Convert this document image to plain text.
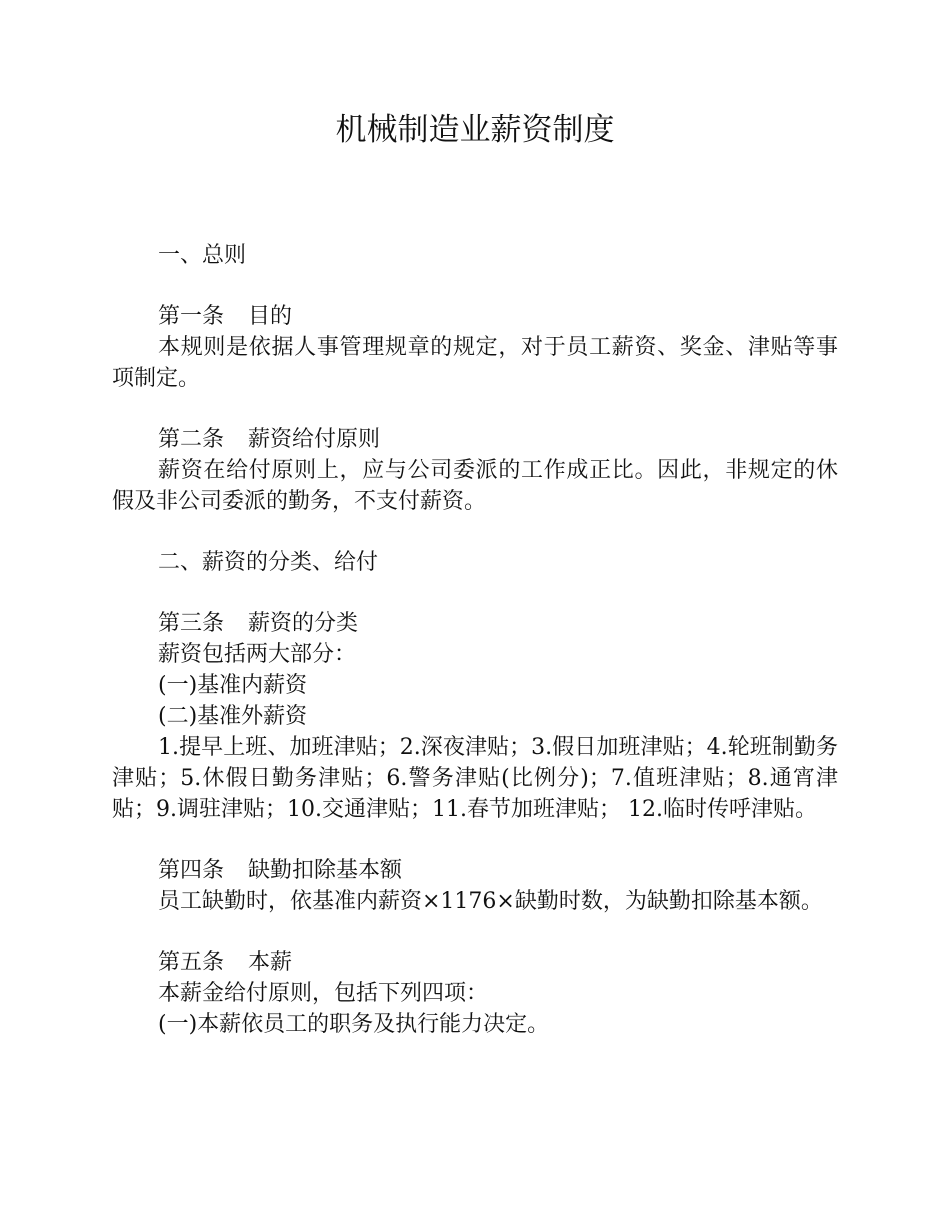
机械制造业薪资制度
一、总则
第一条 目的

本规则是依据人事管理规章的规定，对于员工薪资、奖金、津贴等事项制定。

第二条 薪资给付原则

薪资在给付原则上，应与公司委派的工作成正比。因此，非规定的休假及非公司委派的勤务，不支付薪资。

二、薪资的分类、给付
第三条 薪资的分类
薪资包括两大部分：
(一)基准内薪资
(二)基准外薪资

1.提早上班、加班津贴；2.深夜津贴；3.假日加班津贴；4.轮班制勤务津贴；5.休假日勤务津贴；6.警务津贴(比例分)；7.值班津贴；8.通宵津贴；9.调驻津贴；10.交通津贴；11.春节加班津贴； 12.临时传呼津贴。

第四条 缺勤扣除基本额

员工缺勤时，依基准内薪资×1176×缺勤时数，为缺勤扣除基本额。

第五条 本薪
本薪金给付原则，包括下列四项：
(一)本薪依员工的职务及执行能力决定。
